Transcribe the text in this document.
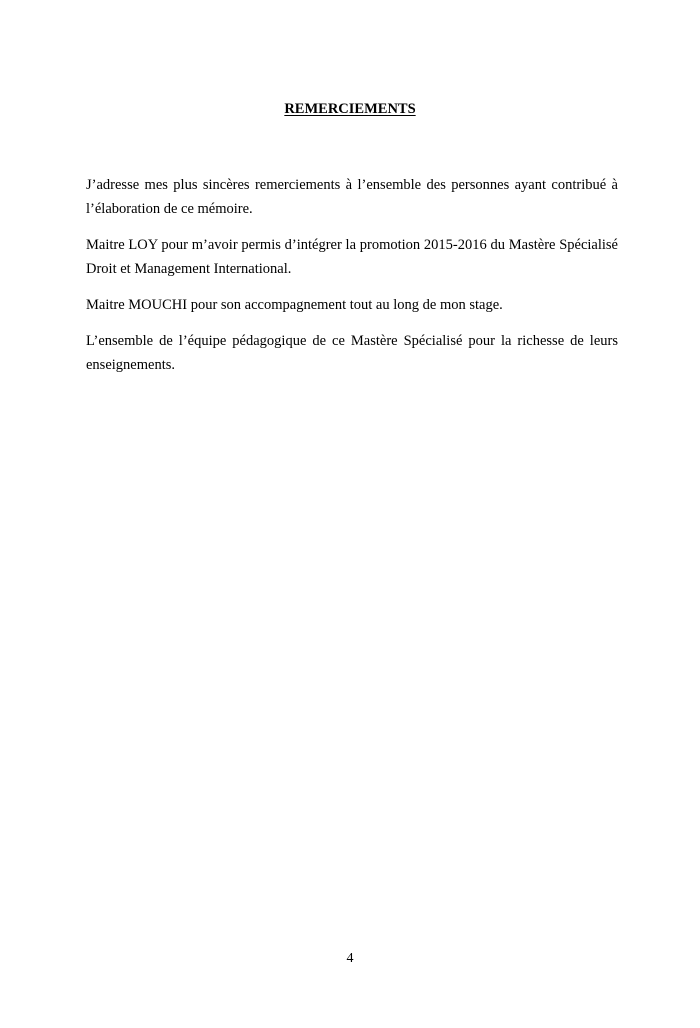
REMERCIEMENTS

J’adresse mes plus sincères remerciements à l’ensemble des personnes ayant contribué à l’élaboration de ce mémoire.

Maitre LOY pour m’avoir permis d’intégrer la promotion 2015-2016 du Mastère Spécialisé Droit et Management International.

Maitre MOUCHI pour son accompagnement tout au long de mon stage.

L’ensemble de l’équipe pédagogique de ce Mastère Spécialisé pour la richesse de leurs enseignements.

4
